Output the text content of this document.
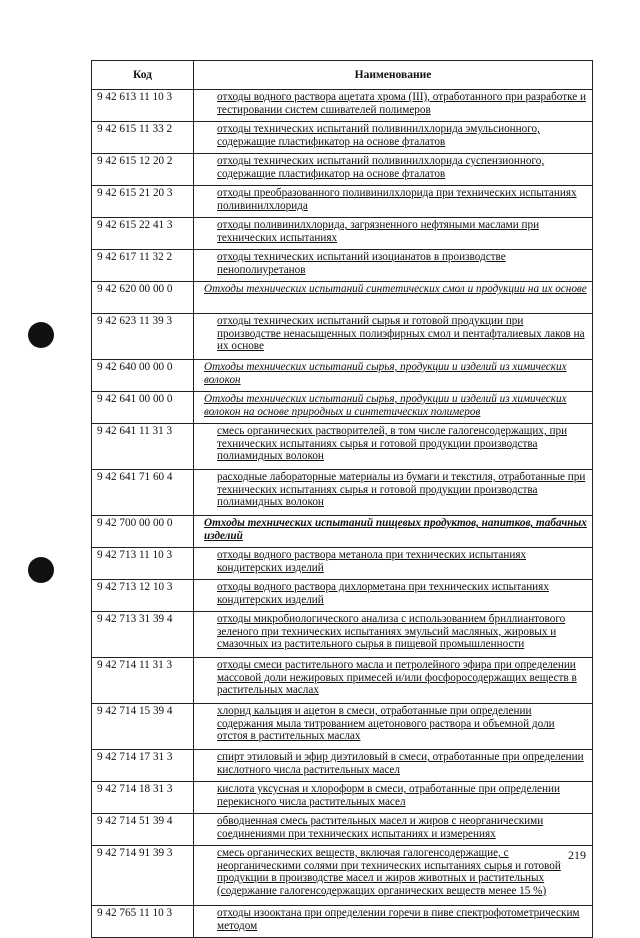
Код	Наименование
9 42 613 11 10 3	отходы водного раствора ацетата хрома (III), отработанного при разработке и тестировании систем сшивателей полимеров
9 42 615 11 33 2	отходы технических испытаний поливинилхлорида эмульсионного, содержащие пластификатор на основе фталатов
9 42 615 12 20 2	отходы технических испытаний поливинилхлорида суспензионного, содержащие пластификатор на основе фталатов
9 42 615 21 20 3	отходы преобразованного поливинилхлорида при технических испытаниях поливинилхлорида
9 42 615 22 41 3	отходы поливинилхлорида, загрязненного нефтяными маслами при технических испытаниях
9 42 617 11 32 2	отходы технических испытаний изоцианатов в производстве пенополиуретанов
9 42 620 00 00 0	Отходы технических испытаний синтетических смол и продукции на их основе
9 42 623 11 39 3	отходы технических испытаний сырья и готовой продукции при производстве ненасыщенных полиэфирных смол и пентафталиевых лаков на их основе
9 42 640 00 00 0	Отходы технических испытаний сырья, продукции и изделий из химических волокон
9 42 641 00 00 0	Отходы технических испытаний сырья, продукции и изделий из химических волокон на основе природных и синтетических полимеров
9 42 641 11 31 3	смесь органических растворителей, в том числе галогенсодержащих, при технических испытаниях сырья и готовой продукции производства полиамидных волокон
9 42 641 71 60 4	расходные лабораторные материалы из бумаги и текстиля, отработанные при технических испытаниях сырья и готовой продукции производства полиамидных волокон
9 42 700 00 00 0	Отходы технических испытаний пищевых продуктов, напитков, табачных изделий
9 42 713 11 10 3	отходы водного раствора метанола при технических испытаниях кондитерских изделий
9 42 713 12 10 3	отходы водного раствора дихлорметана при технических испытаниях кондитерских изделий
9 42 713 31 39 4	отходы микробиологического анализа с использованием бриллиантового зеленого при технических испытаниях эмульсий масляных, жировых и смазочных из растительного сырья в пищевой промышленности
9 42 714 11 31 3	отходы смеси растительного масла и петролейного эфира при определении массовой доли нежировых примесей и/или фосфоросодержащих веществ в растительных маслах
9 42 714 15 39 4	хлорид кальция и ацетон в смеси, отработанные при определении содержания мыла титрованием ацетонового раствора и объемной доли отстоя в растительных маслах
9 42 714 17 31 3	спирт этиловый и эфир диэтиловый в смеси, отработанные при определении кислотного числа растительных масел
9 42 714 18 31 3	кислота уксусная и хлороформ в смеси, отработанные при определении перекисного числа растительных масел
9 42 714 51 39 4	обводненная смесь растительных масел и жиров с неорганическими соединениями при технических испытаниях и измерениях
9 42 714 91 39 3	смесь органических веществ, включая галогенсодержащие, с неорганическими солями при технических испытаниях сырья и готовой продукции в производстве масел и жиров животных и растительных (содержание галогенсодержащих органических веществ менее 15 %)
9 42 765 11 10 3	отходы изооктана при определении горечи в пиве спектрофотометрическим методом
219
